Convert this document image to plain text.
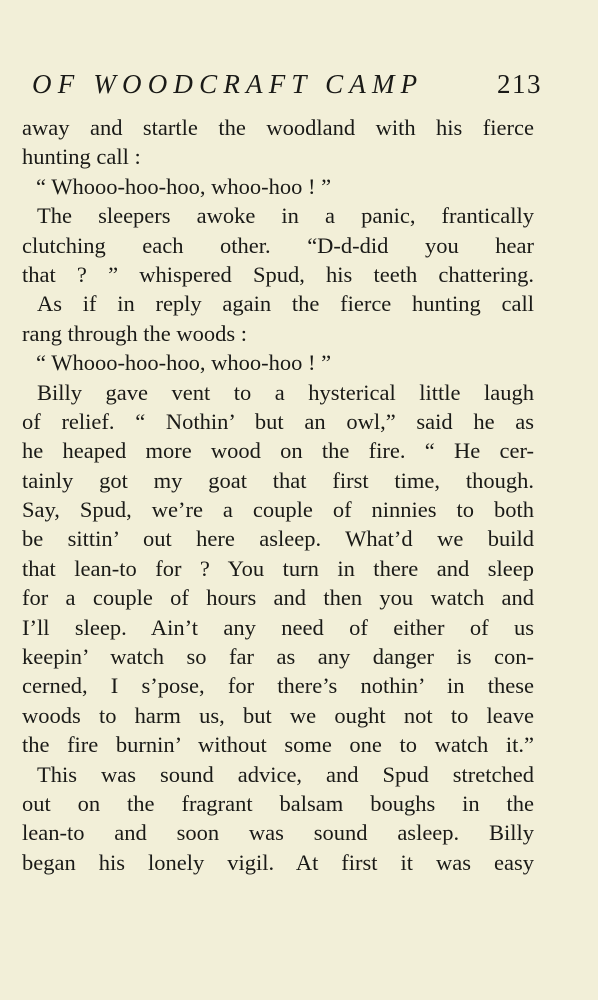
OF WOODCRAFT CAMP	213
away and startle the woodland with his fierce
hunting call :
“ Whooo-hoo-hoo, whoo-hoo ! ”
The sleepers awoke in a panic, frantically
clutching each other. “D-d-did you hear
that ? ” whispered Spud, his teeth chattering.
As if in reply again the fierce hunting call
rang through the woods :
“ Whooo-hoo-hoo, whoo-hoo ! ”
Billy gave vent to a hysterical little laugh
of relief. “ Nothin’ but an owl,” said he as
he heaped more wood on the fire. “ He cer-
tainly got my goat that first time, though.
Say, Spud, we’re a couple of ninnies to both
be sittin’ out here asleep. What’d we build
that lean-to for ? You turn in there and sleep
for a couple of hours and then you watch and
I’ll sleep. Ain’t any need of either of us
keepin’ watch so far as any danger is con-
cerned, I s’pose, for there’s nothin’ in these
woods to harm us, but we ought not to leave
the fire burnin’ without some one to watch it.”
This was sound advice, and Spud stretched
out on the fragrant balsam boughs in the
lean-to and soon was sound asleep. Billy
began his lonely vigil. At first it was easy
